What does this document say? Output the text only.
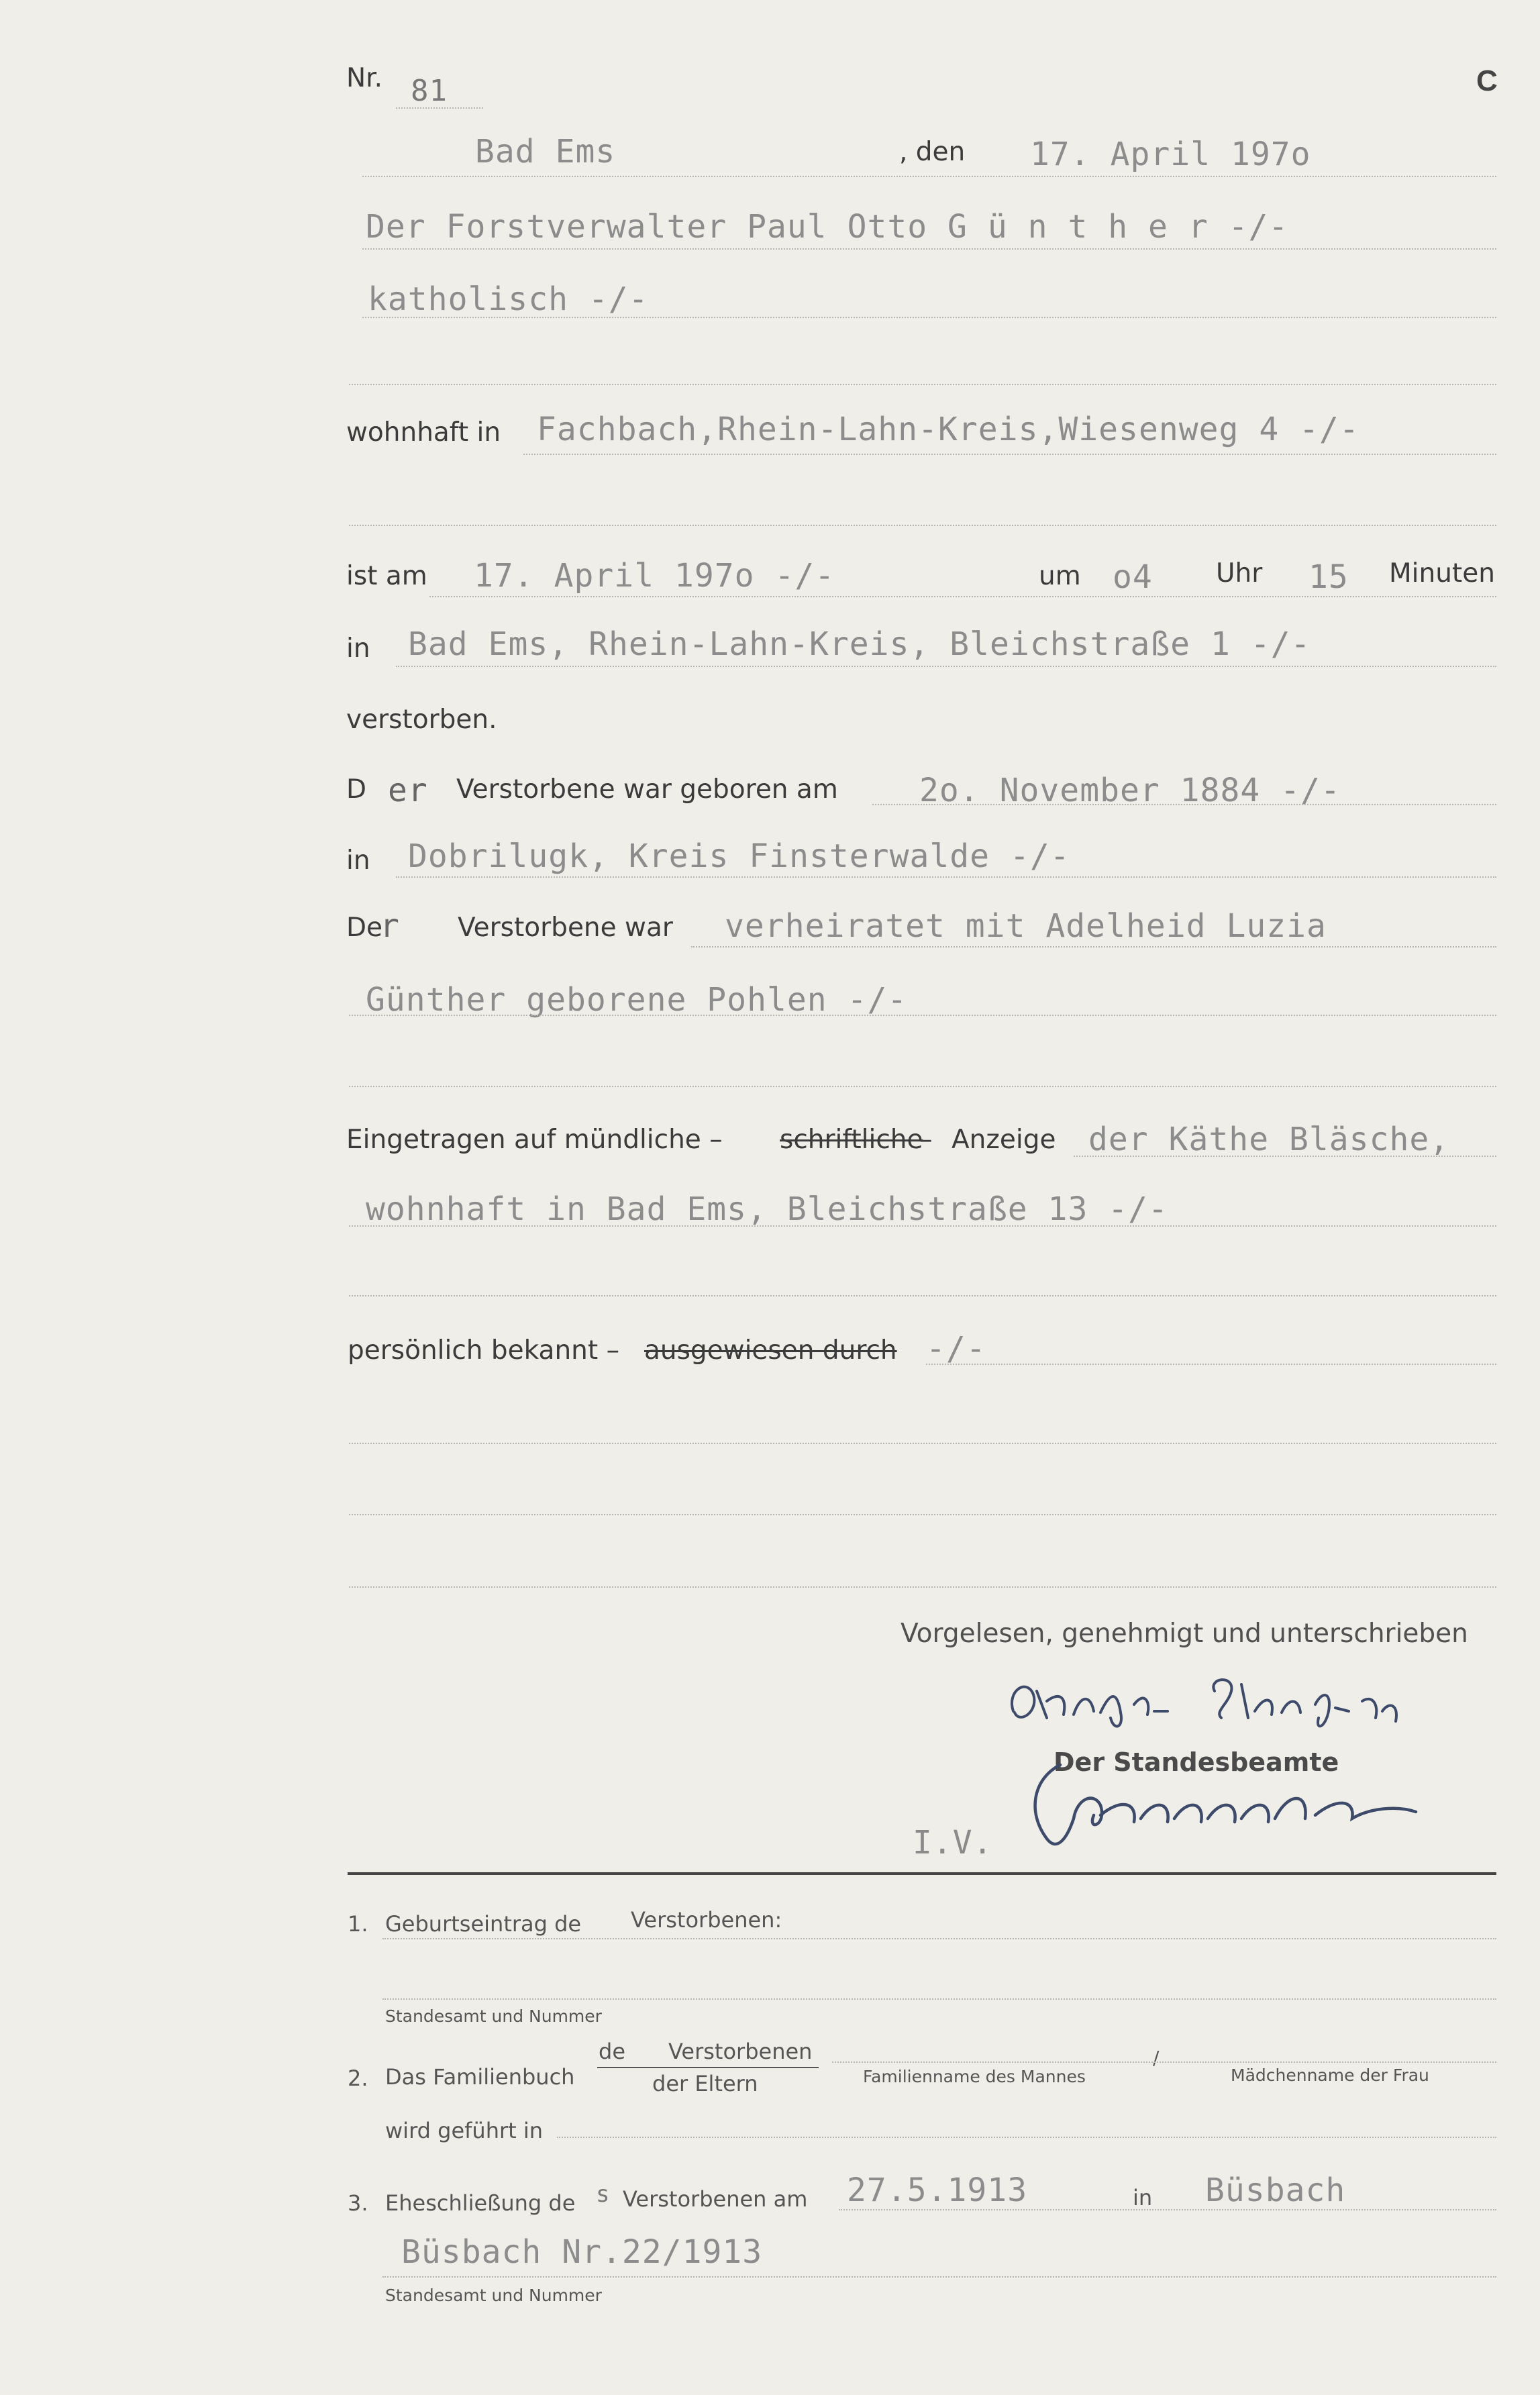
Nr. 81	C
Bad Ems	, den 17. April 197o
Der Forstverwalter Paul Otto G ü n t h e r -/-
katholisch -/-
wohnhaft in Fachbach,Rhein-Lahn-Kreis,Wiesenweg 4 -/-
ist am 17. April 197o -/-	um o4 Uhr 15 Minuten
in Bad Ems, Rhein-Lahn-Kreis, Bleichstraße 1 -/-
verstorben.
D er Verstorbene war geboren am	2o. November 1884 -/-
in Dobrilugk, Kreis Finsterwalde -/-
De
r Verstorbene war verheiratet mit Adelheid Luzia
Günther geborene Pohlen -/-
Eingetragen auf mündliche – schriftliche
– Anzeige der Käthe Bläsche,
wohnhaft in Bad Ems, Bleichstraße 13 -/-
persönlich bekannt – ausgewiesen durch -/-
Vorgelesen, genehmigt und unterschrieben
Käthe Bläsche
Der Standesbeamte
I.V.
Hennecke
1. Geburtseintrag de Verstorbenen:
Standesamt und Nummer
2. Das Familienbuch
de Verstorbenen
der Eltern	Familienname des Mannes
/
Mädchenname der Frau
wird geführt in
3. Eheschließung de s Verstorbenen am 27.5.1913	in Büsbach
Büsbach Nr.22/1913
Standesamt und Nummer
